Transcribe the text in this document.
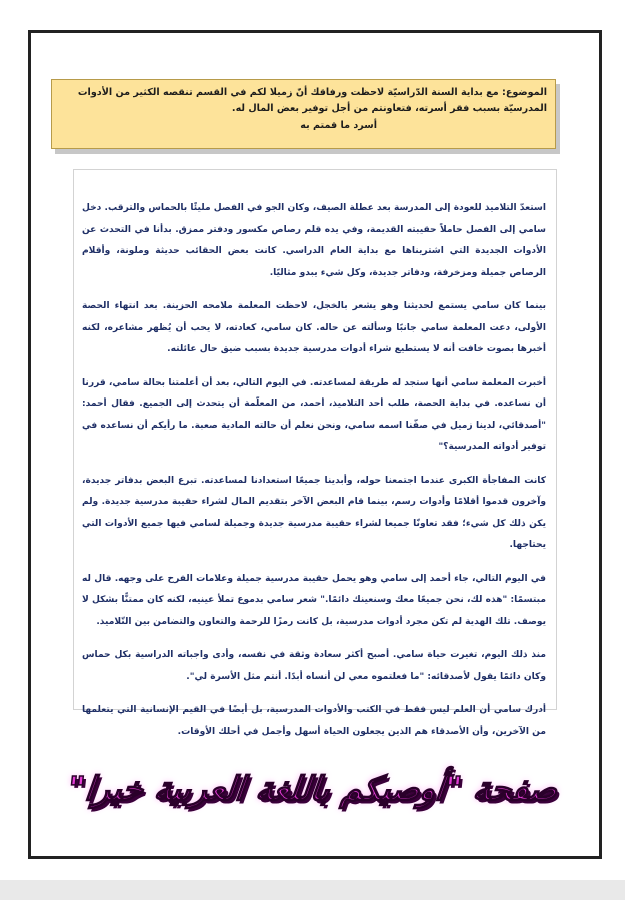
الموضوع: مع بداية السنة الدّراسيّة لاحظت ورفاقك أنّ زميلا لكم في القسم تنقصه الكثير من الأدوات المدرسيّة بسبب فقر أسرته، فتعاونتم من أجل توفير بعض المال له.
أسرد ما قمتم به

استعدّ التلاميذ للعودة إلى المدرسة بعد عطلة الصيف، وكان الجو في الفصل مليئًا بالحماس والترقب. دخل سامي إلى الفصل حاملاً حقيبته القديمة، وفي يده قلم رصاص مكسور ودفتر ممزق. بدأنا في التحدث عن الأدوات الجديدة التي اشتريناها مع بداية العام الدراسي. كانت بعض الحقائب حديثة وملونة، وأقلام الرصاص جميلة ومزخرفة، ودفاتر جديدة، وكل شيء يبدو مثاليًا.

بينما كان سامي يستمع لحديثنا وهو يشعر بالخجل، لاحظت المعلمة ملامحه الحزينة. بعد انتهاء الحصة الأولى، دعت المعلمة سامي جانبًا وسألته عن حاله. كان سامي، كعادته، لا يحب أن يُظهر مشاعره، لكنه أخبرها بصوت خافت أنه لا يستطيع شراء أدوات مدرسية جديدة بسبب ضيق حال عائلته.

أخبرت المعلمة سامي أنها ستجد له طريقة لمساعدته. في اليوم التالي، بعد أن أعلمتنا بحالة سامي، قررنا أن نساعده. في بداية الحصة، طلب أحد التلاميذ، أحمد، من المعلّمة أن يتحدث إلى الجميع. فقال أحمد: "أصدقائي، لدينا زميل في صفّنا اسمه سامي، ونحن نعلم أن حالته المادية صعبة. ما رأيكم أن نساعده في توفير أدواته المدرسية؟"

كانت المفاجأة الكبرى عندما اجتمعنا حوله، وأبدينا جميعًا استعدادنا لمساعدته. تبرع البعض بدفاتر جديدة، وآخرون قدموا أقلامًا وأدوات رسم، بينما قام البعض الآخر بتقديم المال لشراء حقيبة مدرسية جديدة. ولم يكن ذلك كل شيء؛ فقد تعاونّا جميعا لشراء حقيبة مدرسية جديدة وجميلة لسامي فيها جميع الأدوات التي يحتاجها.

في اليوم التالي، جاء أحمد إلى سامي وهو يحمل حقيبة مدرسية جميلة وعلامات الفرح على وجهه. قال له مبتسمًا: "هذه لك، نحن جميعًا معك وسنعينك دائمًا." شعر سامي بدموع تملأ عينيه، لكنه كان ممتنًّا بشكل لا يوصف. تلك الهدية لم تكن مجرد أدوات مدرسية، بل كانت رمزًا للرحمة والتعاون والتضامن بين التّلاميذ.

منذ ذلك اليوم، تغيرت حياة سامي. أصبح أكثر سعادة وثقة في نفسه، وأدى واجباته الدراسية بكل حماس وكان دائمًا يقول لأصدقائه: "ما فعلتموه معي لن أنساه أبدًا. أنتم مثل الأسرة لي".

أدرك سامي أن العلم ليس فقط في الكتب والأدوات المدرسية، بل أيضًا في القيم الإنسانية التي يتعلمها من الآخرين، وأن الأصدقاء هم الذين يجعلون الحياة أسهل وأجمل في أحلك الأوقات.

صفحة "أوصيكم باللغة العربية خيرا"
